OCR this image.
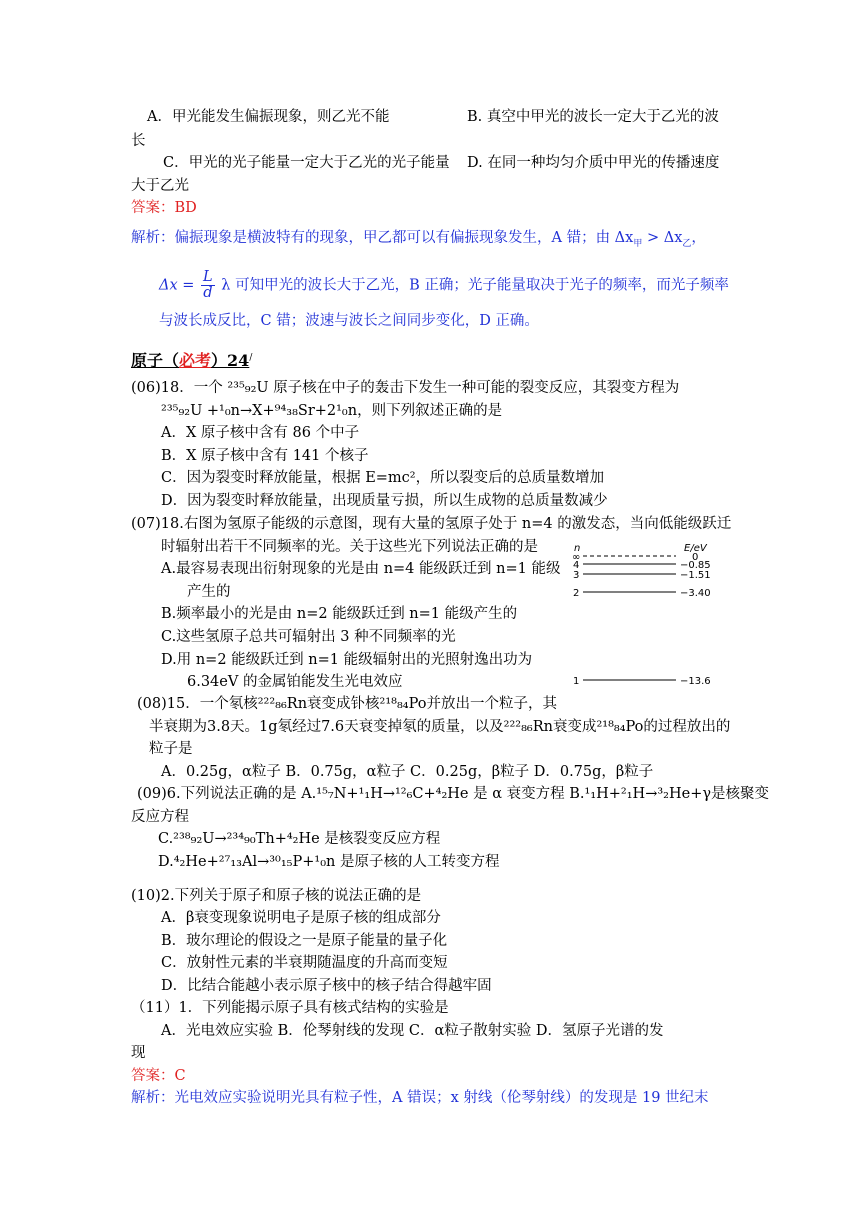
A．甲光能发生偏振现象，则乙光不能	B. 真空中甲光的波长一定大于乙光的波
长
C．甲光的光子能量一定大于乙光的光子能量 D. 在同一种均匀介质中甲光的传播速度
大于乙光
答案：BD
解析：偏振现象是横波特有的现象，甲乙都可以有偏振现象发生，A 错；由 $\Delta x_甲 > \Delta x_乙$，
$\Delta x = \frac{L}{d}$ λ 可知甲光的波长大于乙光，B 正确；光子能量取决于光子的频率，而光子频率
与波长成反比，C 错；波速与波长之间同步变化，D 正确。
原子（必考）24/
(06)18．一个 ²³⁵₉₂U 原子核在中子的轰击下发生一种可能的裂变反应，其裂变方程为
²³⁵₉₂U +¹₀n→X+⁹⁴₃₈Sr+2¹₀n，则下列叙述正确的是
A．X 原子核中含有 86 个中子
B．X 原子核中含有 141 个核子
C．因为裂变时释放能量，根据 E=mc²，所以裂变后的总质量数增加
D．因为裂变时释放能量，出现质量亏损，所以生成物的总质量数减少
(07)18.右图为氢原子能级的示意图，现有大量的氢原子处于 n=4 的激发态，当向低能级跃迁
时辐射出若干不同频率的光。关于这些光下列说法正确的是
A.最容易表现出衍射现象的光是由 n=4 能级跃迁到 n=1 能级
产生的
B.频率最小的光是由 n=2 能级跃迁到 n=1 能级产生的
C.这些氢原子总共可辐射出 3 种不同频率的光
D.用 n=2 能级跃迁到 n=1 能级辐射出的光照射逸出功为
6.34eV 的金属铂能发生光电效应
n	E/eV
∞	0
4	−0.85
3	−1.51
2	−3.40
1	−13.6
(08)15．一个氡核²²²₈₆Rn衰变成钋核²¹⁸₈₄Po并放出一个粒子，其
半衰期为3.8天。1g氡经过7.6天衰变掉氡的质量，以及²²²₈₆Rn衰变成²¹⁸₈₄Po的过程放出的
粒子是
A．0.25g，α粒子 B．0.75g，α粒子 C．0.25g，β粒子 D．0.75g，β粒子
(09)6.下列说法正确的是 A.¹⁵₇N+¹₁H→¹²₆C+⁴₂He 是 α 衰变方程 B.¹₁H+²₁H→³₂He+γ是核聚变
反应方程
C.²³⁸₉₂U→²³⁴₉₀Th+⁴₂He 是核裂变反应方程
D.⁴₂He+²⁷₁₃Al→³⁰₁₅P+¹₀n 是原子核的人工转变方程
(10)2.下列关于原子和原子核的说法正确的是
A．β衰变现象说明电子是原子核的组成部分
B．玻尔理论的假设之一是原子能量的量子化
C．放射性元素的半衰期随温度的升高而变短
D．比结合能越小表示原子核中的核子结合得越牢固
（11）1．下列能揭示原子具有核式结构的实验是
A．光电效应实验 B．伦琴射线的发现 C．α粒子散射实验 D．氢原子光谱的发
现
答案：C
解析：光电效应实验说明光具有粒子性，A 错误；x 射线（伦琴射线）的发现是 19 世纪末
